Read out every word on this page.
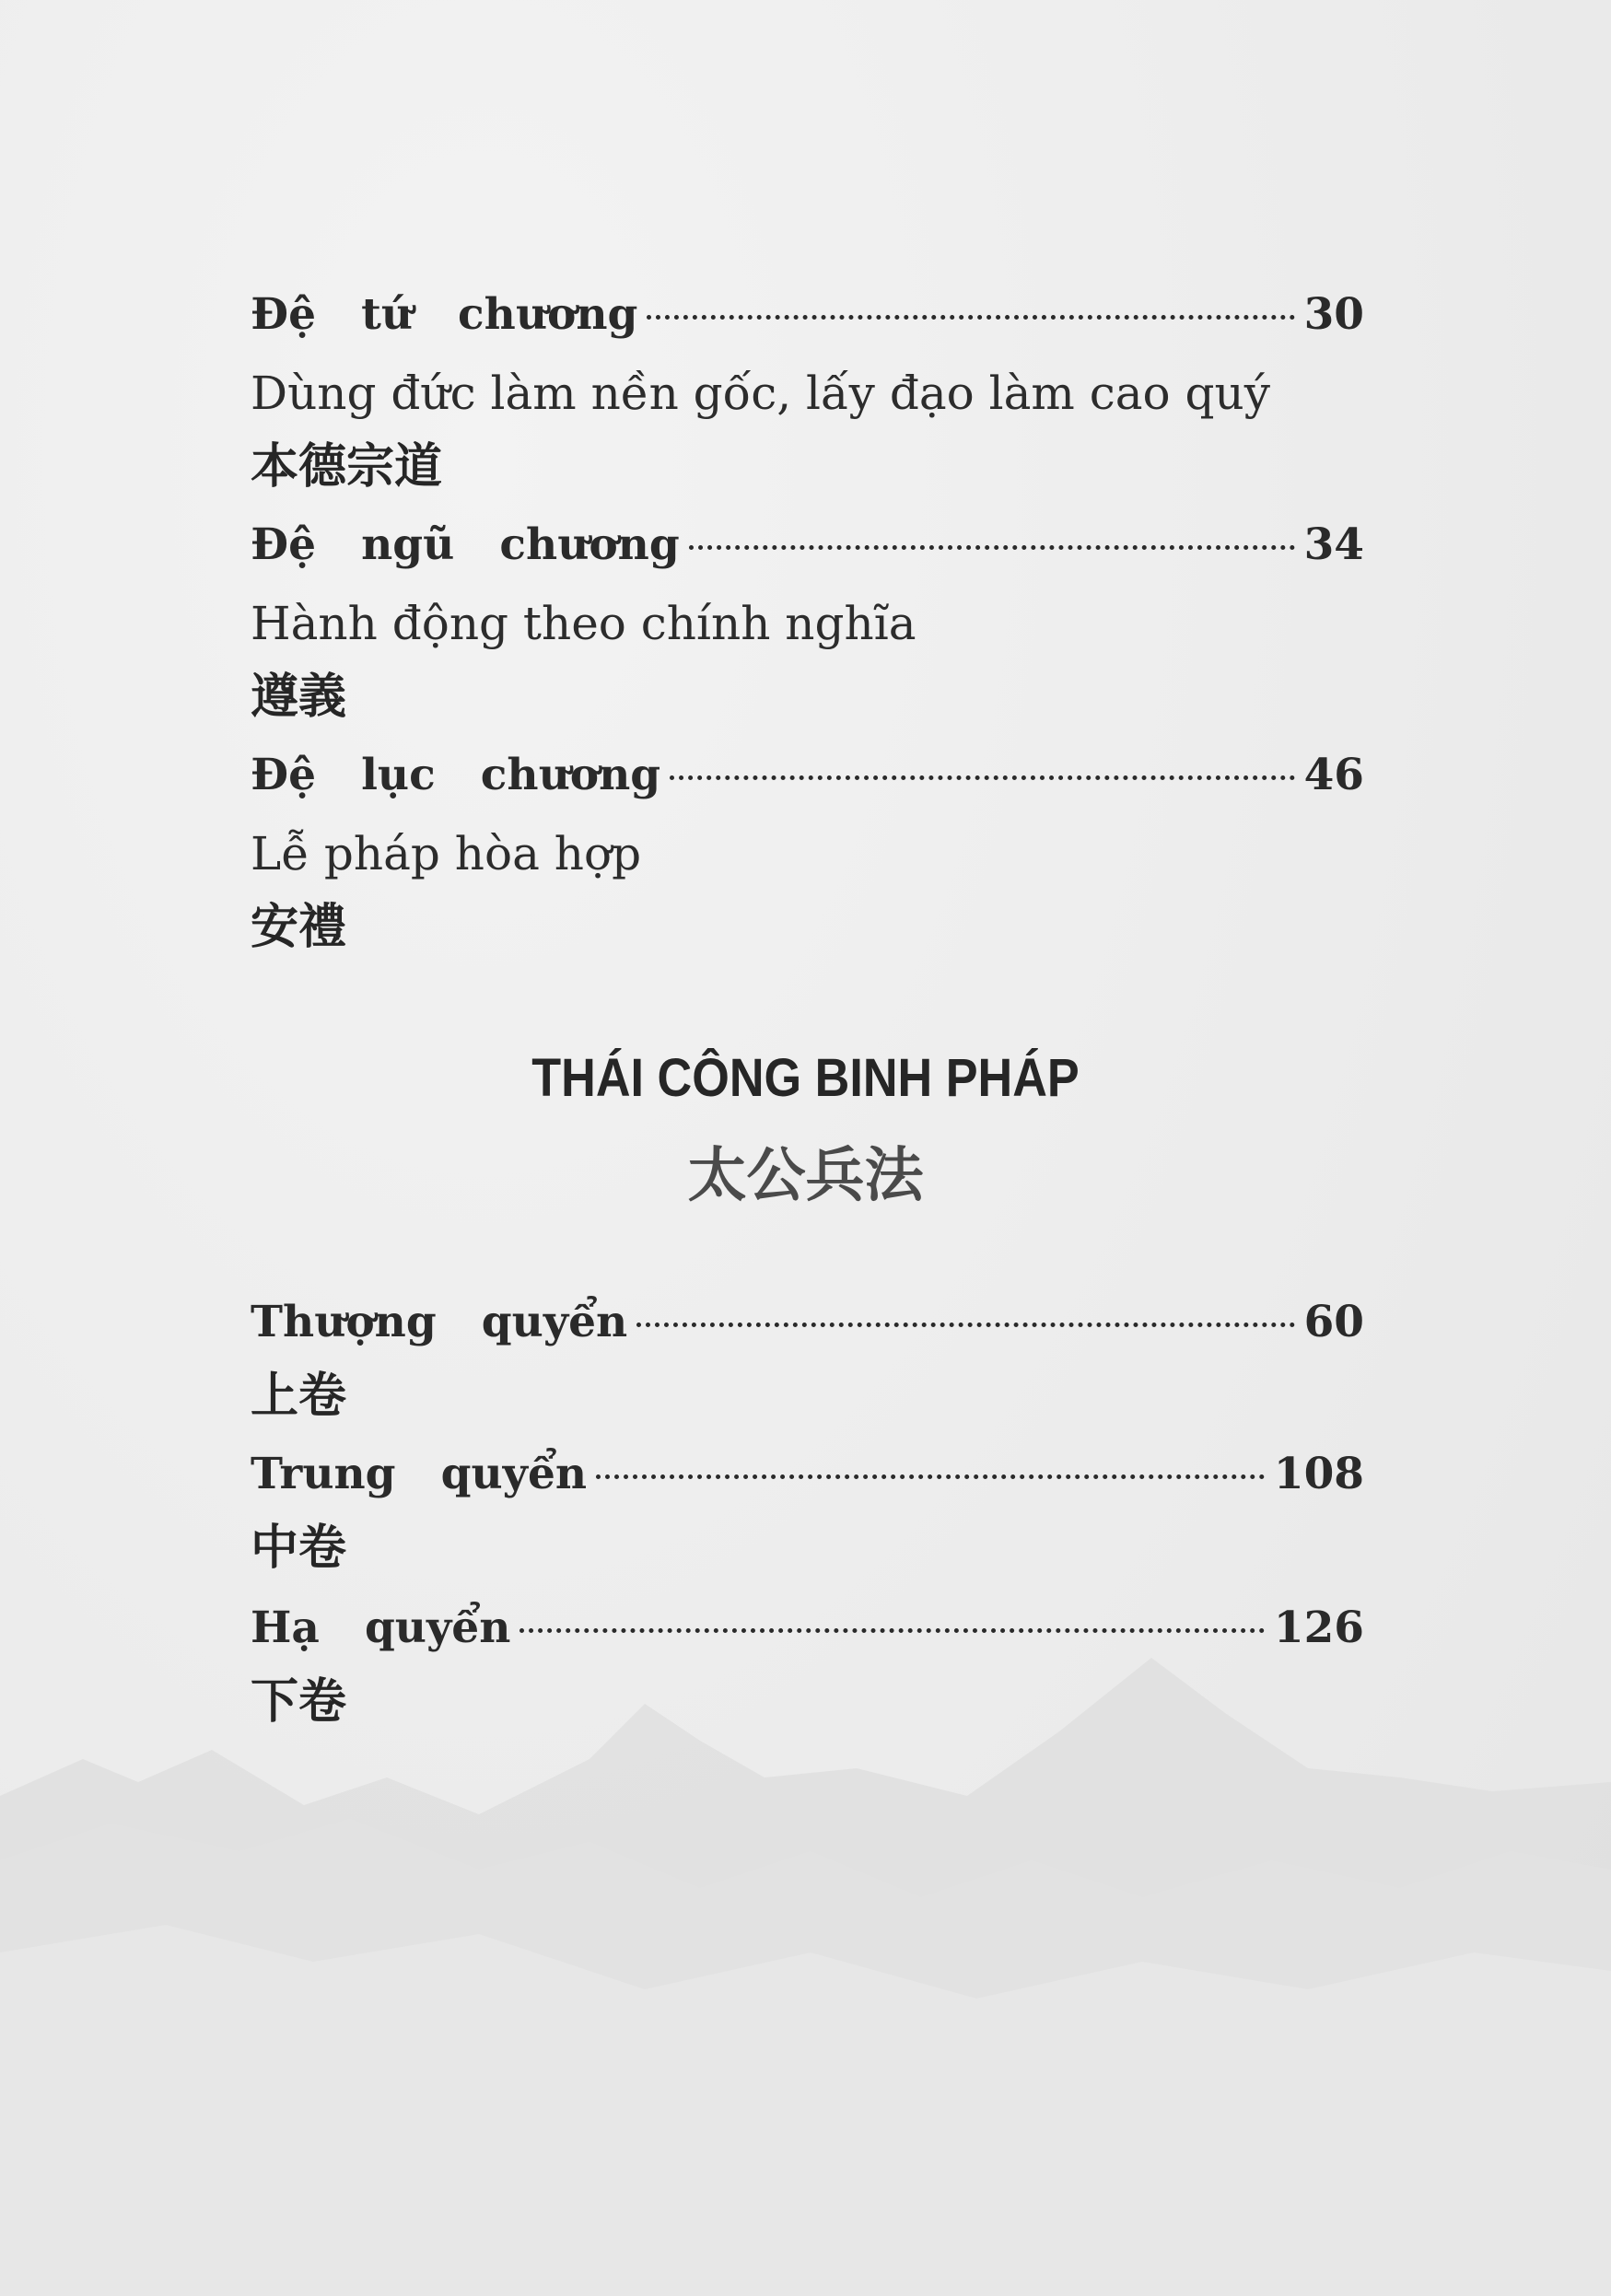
Đệ   tứ   chương	30
Dùng đức làm nền gốc, lấy đạo làm cao quý
本德宗道
Đệ   ngũ   chương	34
Hành động theo chính nghĩa
遵義
Đệ   lục   chương	46
Lễ pháp hòa hợp
安禮
THÁI CÔNG BINH PHÁP
太公兵法
Thượng   quyển	60
上卷
Trung   quyển	108
中卷
Hạ   quyển	126
下卷
